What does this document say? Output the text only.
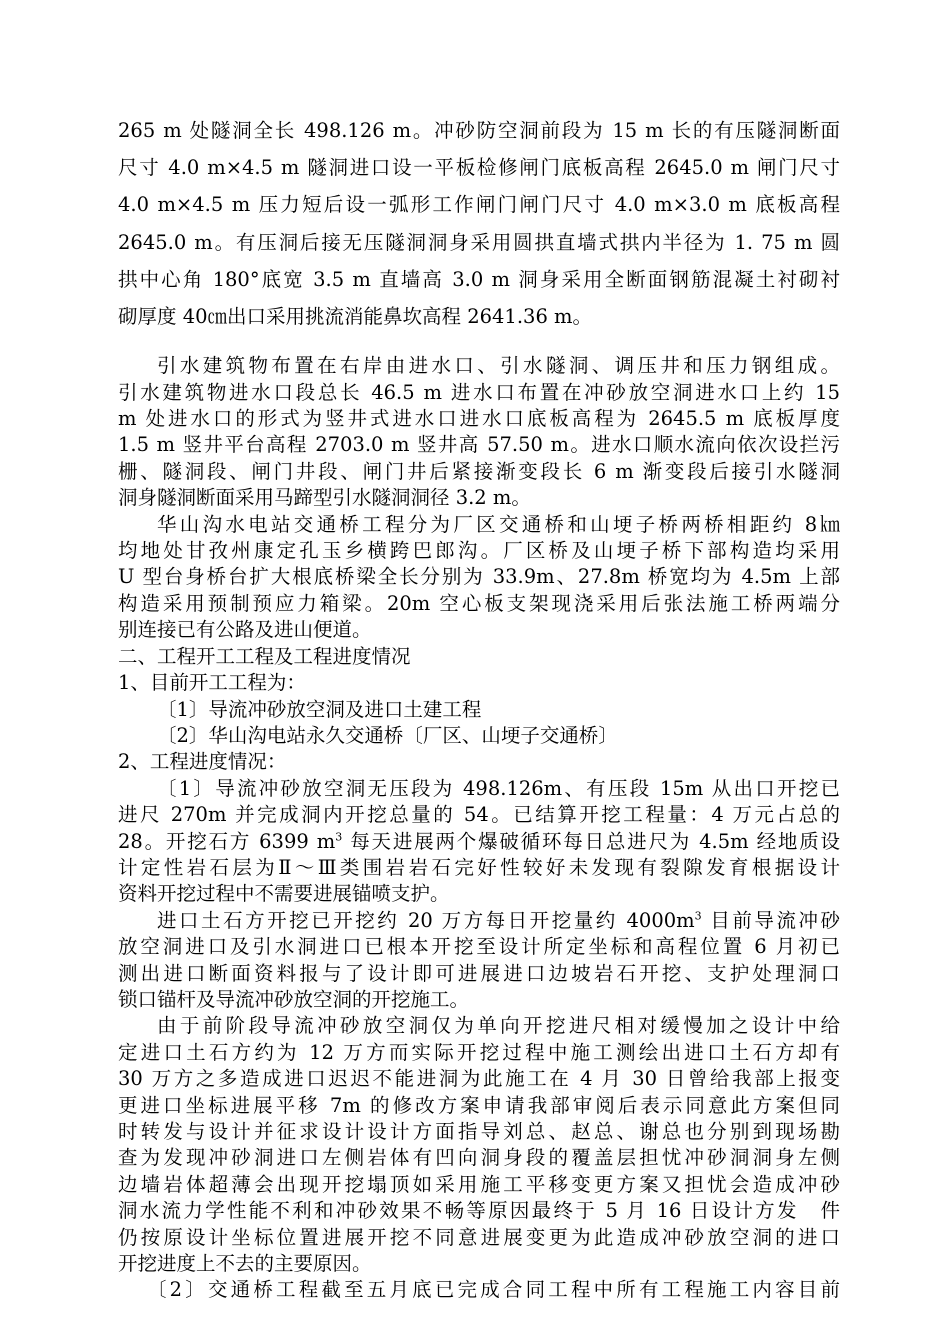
265 m 处隧洞全长 498.126 m。冲砂防空洞前段为 15 m 长的有压隧洞断面

尺寸 4.0 m×4.5 m 隧洞进口设一平板检修闸门底板高程 2645.0 m 闸门尺寸

4.0 m×4.5 m 压力短后设一弧形工作闸门闸门尺寸 4.0 m×3.0 m 底板高程

2645.0 m。有压洞后接无压隧洞洞身采用圆拱直墙式拱内半径为 1. 75 m 圆

拱中心角 180°底宽 3.5 m 直墙高 3.0 m 洞身采用全断面钢筋混凝土衬砌衬

砌厚度 40㎝出口采用挑流消能鼻坎高程 2641.36 m。

引水建筑物布置在右岸由进水口、引水隧洞、调压井和压力钢组成。

引水建筑物进水口段总长 46.5 m 进水口布置在冲砂放空洞进水口上约 15

m 处进水口的形式为竖井式进水口进水口底板高程为 2645.5 m 底板厚度

1.5 m 竖井平台高程 2703.0 m 竖井高 57.50 m。进水口顺水流向依次设拦污

栅、隧洞段、闸门井段、闸门井后紧接渐变段长 6 m 渐变段后接引水隧洞

洞身隧洞断面采用马蹄型引水隧洞洞径 3.2 m。

华山沟水电站交通桥工程分为厂区交通桥和山埂子桥两桥相距约 8㎞

均地处甘孜州康定孔玉乡横跨巴郎沟。厂区桥及山埂子桥下部构造均采用

U 型台身桥台扩大根底桥梁全长分别为 33.9m、27.8m 桥宽均为 4.5m 上部

构造采用预制预应力箱梁。20m 空心板支架现浇采用后张法施工桥两端分

别连接已有公路及进山便道。

二、工程开工工程及工程进度情况

1、目前开工工程为：

〔1〕导流冲砂放空洞及进口土建工程

〔2〕华山沟电站永久交通桥〔厂区、山埂子交通桥〕

2、工程进度情况：

〔1〕导流冲砂放空洞无压段为 498.126m、有压段 15m 从出口开挖已

进尺 270m 并完成洞内开挖总量的 54。已结算开挖工程量：4 万元占总的

28。开挖石方 6399 $m^3$ 每天进展两个爆破循环每日总进尺为 4.5m 经地质设

计定性岩石层为Ⅱ～Ⅲ类围岩岩石完好性较好未发现有裂隙发育根据设计

资料开挖过程中不需要进展锚喷支护。

进口土石方开挖已开挖约 20 万方每日开挖量约 $4000m^3$ 目前导流冲砂

放空洞进口及引水洞进口已根本开挖至设计所定坐标和高程位置 6 月初已

测出进口断面资料报与了设计即可进展进口边坡岩石开挖、支护处理洞口

锁口锚杆及导流冲砂放空洞的开挖施工。

由于前阶段导流冲砂放空洞仅为单向开挖进尺相对缓慢加之设计中给

定进口土石方约为 12 万方而实际开挖过程中施工测绘出进口土石方却有

30 万方之多造成进口迟迟不能进洞为此施工在 4 月 30 日曾给我部上报变

更进口坐标进展平移 7m 的修改方案申请我部审阅后表示同意此方案但同

时转发与设计并征求设计设计方面指导刘总、赵总、谢总也分别到现场勘

查为发现冲砂洞进口左侧岩体有凹向洞身段的覆盖层担忧冲砂洞洞身左侧

边墙岩体超薄会出现开挖塌顶如采用施工平移变更方案又担忧会造成冲砂

洞水流力学性能不利和冲砂效果不畅等原因最终于 5 月 16 日设计方发　件

仍按原设计坐标位置进展开挖不同意进展变更为此造成冲砂放空洞的进口

开挖进度上不去的主要原因。

〔2〕交通桥工程截至五月底已完成合同工程中所有工程施工内容目前
